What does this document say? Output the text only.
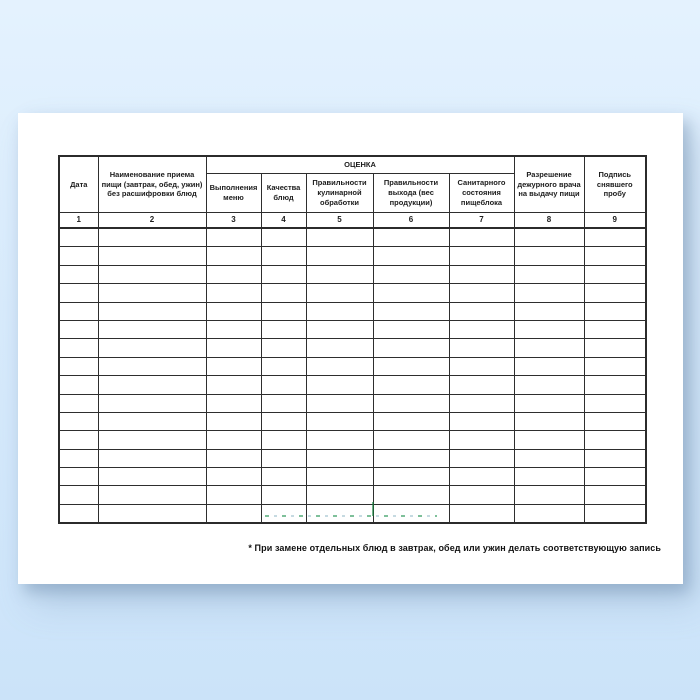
Дата	Наименование приема пищи (завтрак, обед, ужин) без расшифровки блюд	ОЦЕНКА					Разрешение дежурного врача на выдачу пищи	Подпись снявшего пробу
		Выполнения меню	Качества блюд	Правильности кулинарной обработки	Правильности выхода (вес продукции)	Санитарного состояния пищеблока		
1	2	3	4	5	6	7	8	9

* При замене отдельных блюд в завтрак, обед или ужин делать соответствующую запись
